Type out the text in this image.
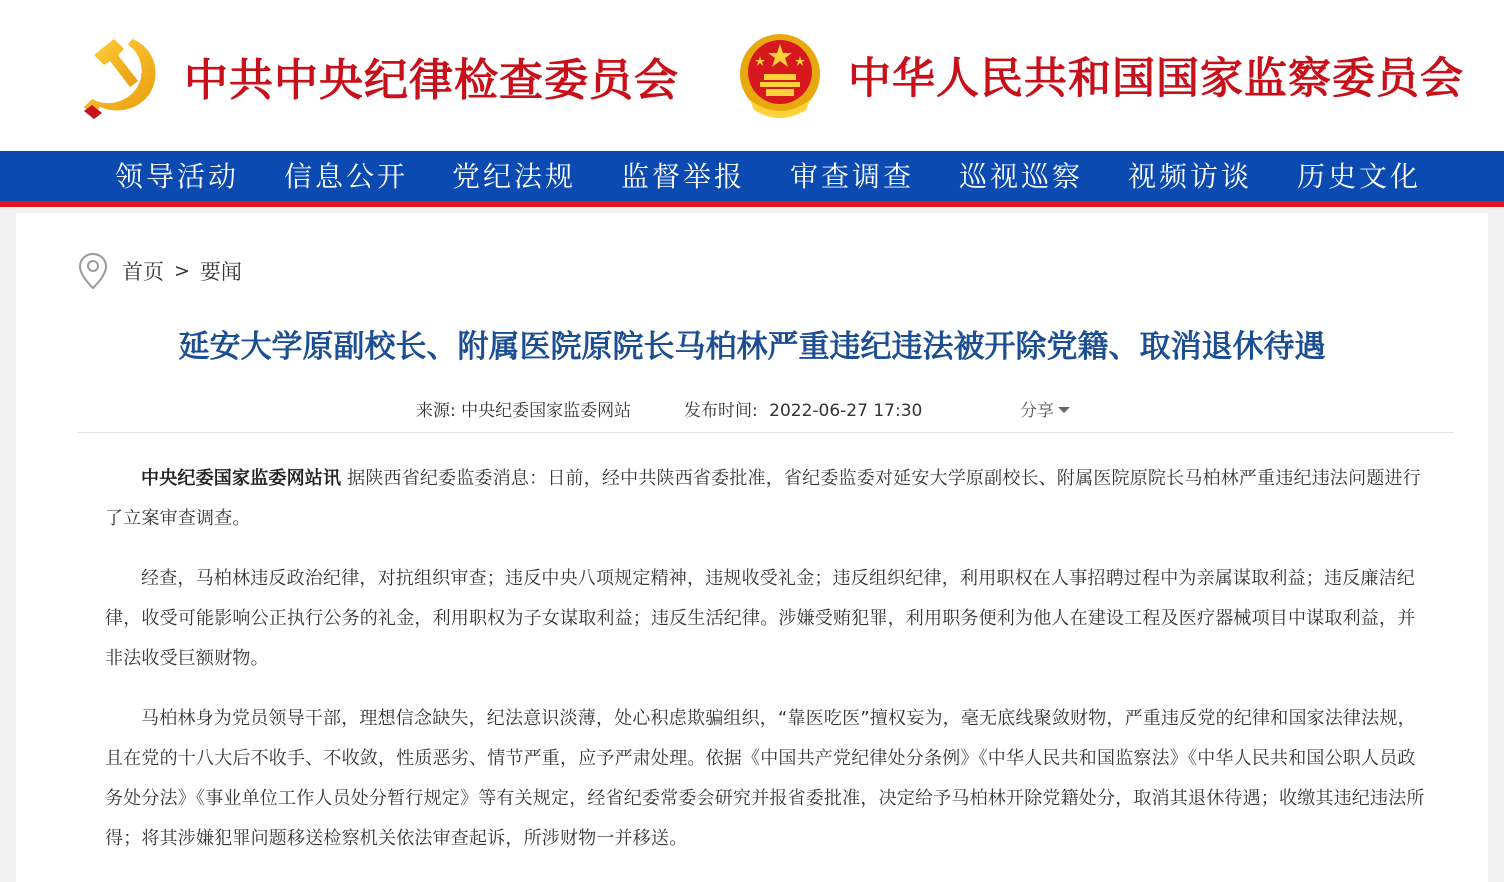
中共中央纪律检查委员会	中华人民共和国国家监察委员会
领导活动 信息公开 党纪法规 监督举报 审查调查 巡视巡察 视频访谈 历史文化
首页 > 要闻
延安大学原副校长、附属医院原院长马柏林严重违纪违法被开除党籍、取消退休待遇
来源: 中央纪委国家监委网站	发布时间: 2022-06-27 17:30	分享

中央纪委国家监委网站讯 据陕西省纪委监委消息：日前，经中共陕西省委批准，省纪委监委对延安大学原副校长、附属医院原院长马柏林严重违纪违法问题进行了立案审查调查。

经查，马柏林违反政治纪律，对抗组织审查；违反中央八项规定精神，违规收受礼金；违反组织纪律，利用职权在人事招聘过程中为亲属谋取利益；违反廉洁纪律，收受可能影响公正执行公务的礼金，利用职权为子女谋取利益；违反生活纪律。涉嫌受贿犯罪，利用职务便利为他人在建设工程及医疗器械项目中谋取利益，并非法收受巨额财物。

马柏林身为党员领导干部，理想信念缺失，纪法意识淡薄，处心积虑欺骗组织，“靠医吃医”擅权妄为，毫无底线聚敛财物，严重违反党的纪律和国家法律法规，且在党的十八大后不收手、不收敛，性质恶劣、情节严重，应予严肃处理。依据《中国共产党纪律处分条例》《中华人民共和国监察法》《中华人民共和国公职人员政务处分法》《事业单位工作人员处分暂行规定》等有关规定，经省纪委常委会研究并报省委批准，决定给予马柏林开除党籍处分，取消其退休待遇；收缴其违纪违法所得；将其涉嫌犯罪问题移送检察机关依法审查起诉，所涉财物一并移送。
